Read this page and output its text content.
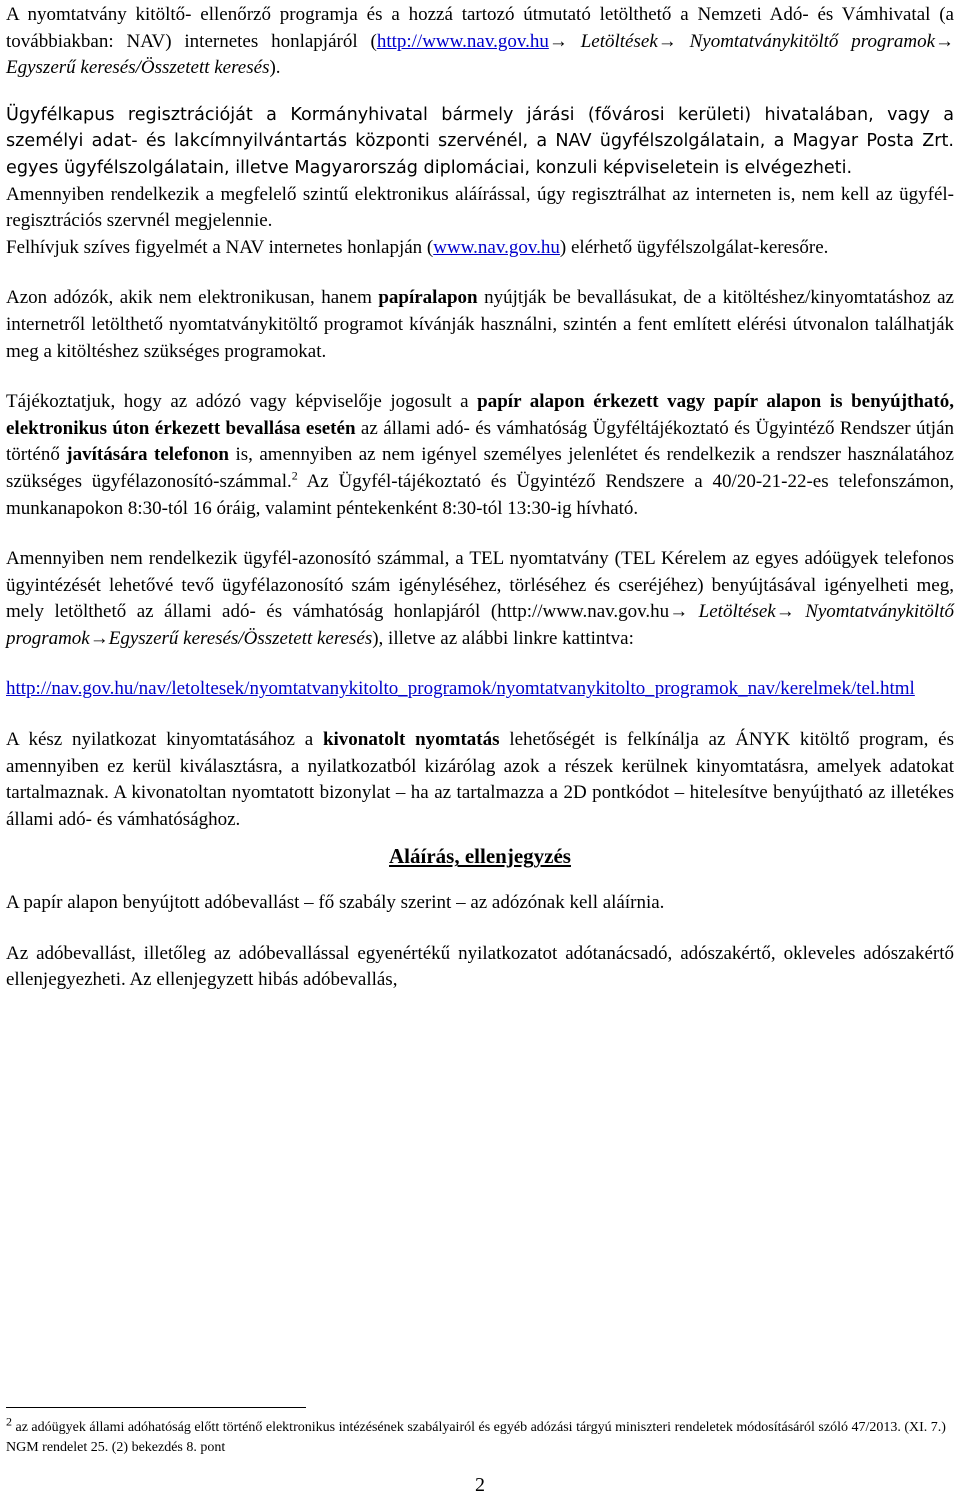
A nyomtatvány kitöltő- ellenőrző programja és a hozzá tartozó útmutató letölthető a Nemzeti Adó- és Vámhivatal (a továbbiakban: NAV) internetes honlapjáról (http://www.nav.gov.hu→ Letöltések→ Nyomtatványkitöltő programok→ Egyszerű keresés/Összetett keresés).

Ügyfélkapus regisztrációját a Kormányhivatal bármely járási (fővárosi kerületi) hivatalában, vagy a személyi adat- és lakcímnyilvántartás központi szervénél, a NAV ügyfélszolgálatain, a Magyar Posta Zrt. egyes ügyfélszolgálatain, illetve Magyarország diplomáciai, konzuli képviseletein is elvégezheti.

Amennyiben rendelkezik a megfelelő szintű elektronikus aláírással, úgy regisztrálhat az interneten is, nem kell az ügyfél-regisztrációs szervnél megjelennie.

Felhívjuk szíves figyelmét a NAV internetes honlapján (www.nav.gov.hu) elérhető ügyfélszolgálat-keresőre.

Azon adózók, akik nem elektronikusan, hanem papíralapon nyújtják be bevallásukat, de a kitöltéshez/kinyomtatáshoz az internetről letölthető nyomtatványkitöltő programot kívánják használni, szintén a fent említett elérési útvonalon találhatják meg a kitöltéshez szükséges programokat.

Tájékoztatjuk, hogy az adózó vagy képviselője jogosult a papír alapon érkezett vagy papír alapon is benyújtható, elektronikus úton érkezett bevallása esetén az állami adó- és vámhatóság Ügyféltájékoztató és Ügyintéző Rendszer útján történő javítására telefonon is, amennyiben az nem igényel személyes jelenlétet és rendelkezik a rendszer használatához szükséges ügyfélazonosító-számmal.$^2$ Az Ügyfél-tájékoztató és Ügyintéző Rendszere a 40/20-21-22-es telefonszámon, munkanapokon 8:30-tól 16 óráig, valamint péntekenként 8:30-tól 13:30-ig hívható.

Amennyiben nem rendelkezik ügyfél-azonosító számmal, a TEL nyomtatvány (TEL Kérelem az egyes adóügyek telefonos ügyintézését lehetővé tevő ügyfélazonosító szám igényléséhez, törléséhez és cseréjéhez) benyújtásával igényelheti meg, mely letölthető az állami adó- és vámhatóság honlapjáról (http://www.nav.gov.hu→ Letöltések→ Nyomtatványkitöltő programok→Egyszerű keresés/Összetett keresés), illetve az alábbi linkre kattintva:

http://nav.gov.hu/nav/letoltesek/nyomtatvanykitolto_programok/nyomtatvanykitolto_programok_nav/kerelmek/tel.html

A kész nyilatkozat kinyomtatásához a kivonatolt nyomtatás lehetőségét is felkínálja az ÁNYK kitöltő program, és amennyiben ez kerül kiválasztásra, a nyilatkozatból kizárólag azok a részek kerülnek kinyomtatásra, amelyek adatokat tartalmaznak. A kivonatoltan nyomtatott bizonylat – ha az tartalmazza a 2D pontkódot – hitelesítve benyújtható az illetékes állami adó- és vámhatósághoz.

Aláírás, ellenjegyzés

A papír alapon benyújtott adóbevallást – fő szabály szerint – az adózónak kell aláírnia.

Az adóbevallást, illetőleg az adóbevallással egyenértékű nyilatkozatot adótanácsadó, adószakértő, okleveles adószakértő ellenjegyezheti. Az ellenjegyzett hibás adóbevallás,

2 az adóügyek állami adóhatóság előtt történő elektronikus intézésének szabályairól és egyéb adózási tárgyú miniszteri rendeletek módosításáról szóló 47/2013. (XI. 7.) NGM rendelet 25. (2) bekezdés 8. pont
2
